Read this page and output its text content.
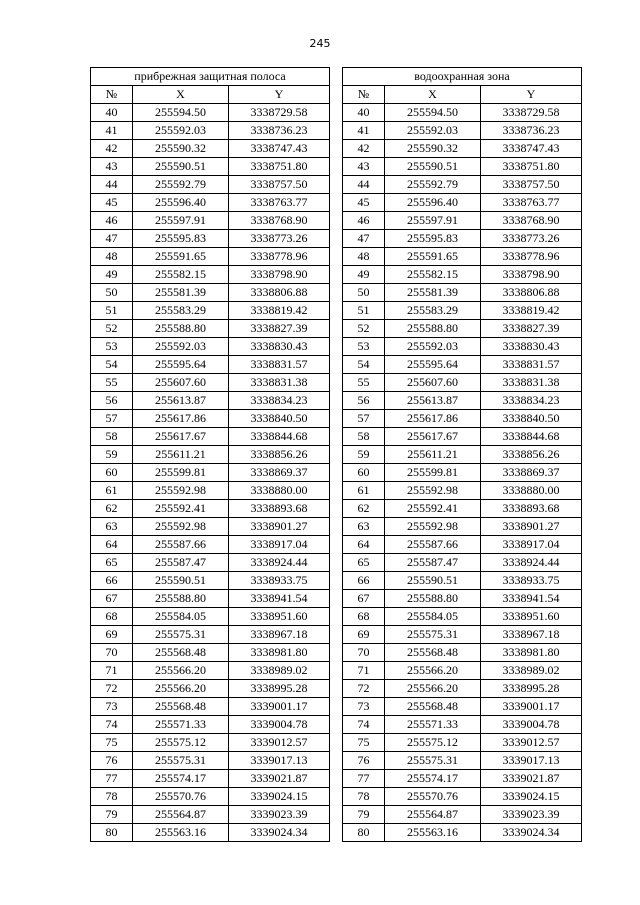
245
прибрежная защитная полоса		
№	X	Y
40	255594.50	3338729.58
41	255592.03	3338736.23
42	255590.32	3338747.43
43	255590.51	3338751.80
44	255592.79	3338757.50
45	255596.40	3338763.77
46	255597.91	3338768.90
47	255595.83	3338773.26
48	255591.65	3338778.96
49	255582.15	3338798.90
50	255581.39	3338806.88
51	255583.29	3338819.42
52	255588.80	3338827.39
53	255592.03	3338830.43
54	255595.64	3338831.57
55	255607.60	3338831.38
56	255613.87	3338834.23
57	255617.86	3338840.50
58	255617.67	3338844.68
59	255611.21	3338856.26
60	255599.81	3338869.37
61	255592.98	3338880.00
62	255592.41	3338893.68
63	255592.98	3338901.27
64	255587.66	3338917.04
65	255587.47	3338924.44
66	255590.51	3338933.75
67	255588.80	3338941.54
68	255584.05	3338951.60
69	255575.31	3338967.18
70	255568.48	3338981.80
71	255566.20	3338989.02
72	255566.20	3338995.28
73	255568.48	3339001.17
74	255571.33	3339004.78
75	255575.12	3339012.57
76	255575.31	3339017.13
77	255574.17	3339021.87
78	255570.76	3339024.15
79	255564.87	3339023.39
80	255563.16	3339024.34
водоохранная зона		
№	X	Y
40	255594.50	3338729.58
41	255592.03	3338736.23
42	255590.32	3338747.43
43	255590.51	3338751.80
44	255592.79	3338757.50
45	255596.40	3338763.77
46	255597.91	3338768.90
47	255595.83	3338773.26
48	255591.65	3338778.96
49	255582.15	3338798.90
50	255581.39	3338806.88
51	255583.29	3338819.42
52	255588.80	3338827.39
53	255592.03	3338830.43
54	255595.64	3338831.57
55	255607.60	3338831.38
56	255613.87	3338834.23
57	255617.86	3338840.50
58	255617.67	3338844.68
59	255611.21	3338856.26
60	255599.81	3338869.37
61	255592.98	3338880.00
62	255592.41	3338893.68
63	255592.98	3338901.27
64	255587.66	3338917.04
65	255587.47	3338924.44
66	255590.51	3338933.75
67	255588.80	3338941.54
68	255584.05	3338951.60
69	255575.31	3338967.18
70	255568.48	3338981.80
71	255566.20	3338989.02
72	255566.20	3338995.28
73	255568.48	3339001.17
74	255571.33	3339004.78
75	255575.12	3339012.57
76	255575.31	3339017.13
77	255574.17	3339021.87
78	255570.76	3339024.15
79	255564.87	3339023.39
80	255563.16	3339024.34
